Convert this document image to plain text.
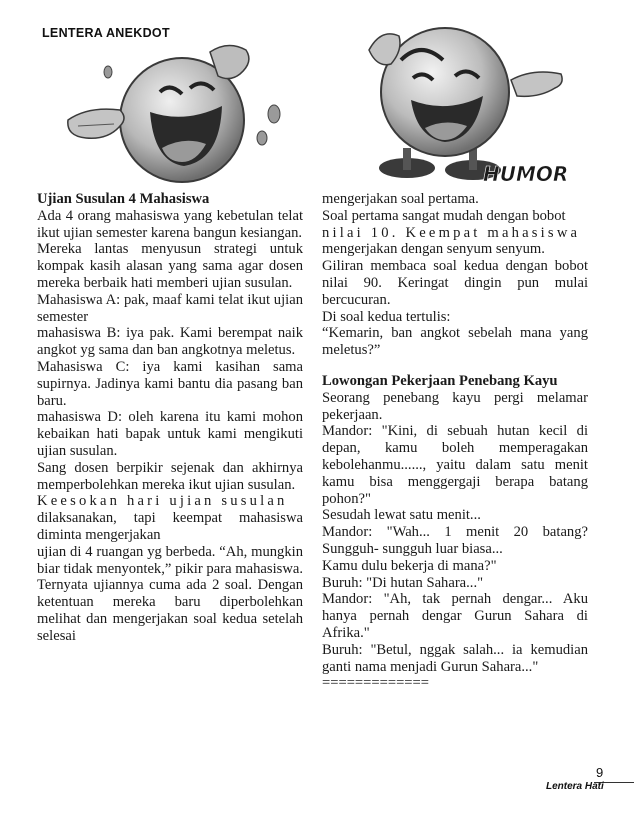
LENTERA ANEKDOT
HUMOR

Ujian Susulan 4 Mahasiswa

Ada 4 orang mahasiswa yang kebetulan telat ikut ujian semester karena bangun kesiangan.

Mereka lantas menyusun strategi untuk kompak kasih alasan yang sama agar dosen mereka berbaik hati memberi ujian susulan.

Mahasiswa A: pak, maaf kami telat ikut ujian semester

mahasiswa B: iya pak. Kami berempat naik angkot yg sama dan ban angkotnya meletus.

Mahasiswa C: iya kami kasihan sama supirnya. Jadinya kami bantu dia pasang ban baru.

mahasiswa D: oleh karena itu kami mohon kebaikan hati bapak untuk kami mengikuti ujian susulan.

Sang dosen berpikir sejenak dan akhirnya memperbolehkan mereka ikut ujian susulan.

Keesokan hari ujian susulan

dilaksanakan, tapi keempat mahasiswa diminta mengerjakan

ujian di 4 ruangan yg berbeda. “Ah, mungkin biar tidak menyontek,” pikir para mahasiswa. Ternyata ujiannya cuma ada 2 soal. Dengan ketentuan mereka baru diperbolehkan melihat dan mengerjakan soal kedua setelah selesai

mengerjakan soal pertama.

Soal pertama sangat mudah dengan bobot

nilai 10. Keempat mahasiswa

mengerjakan dengan senyum senyum.

Giliran membaca soal kedua dengan bobot nilai 90. Keringat dingin pun mulai bercucuran.

Di soal kedua tertulis:

“Kemarin, ban angkot sebelah mana yang meletus?”

Lowongan Pekerjaan Penebang Kayu

Seorang penebang kayu pergi melamar pekerjaan.

Mandor: "Kini, di sebuah hutan kecil di depan, kamu boleh memperagakan kebolehanmu......, yaitu dalam satu menit kamu bisa menggergaji berapa batang pohon?"

Sesudah lewat satu menit...

Mandor: "Wah... 1 menit 20 batang? Sungguh- sungguh luar biasa...

Kamu dulu bekerja di mana?"

Buruh: "Di hutan Sahara..."

Mandor: "Ah, tak pernah dengar... Aku hanya pernah dengar Gurun Sahara di Afrika."

Buruh: "Betul, nggak salah... ia kemudian ganti nama menjadi Gurun Sahara..."

=============

9
Lentera Hati
